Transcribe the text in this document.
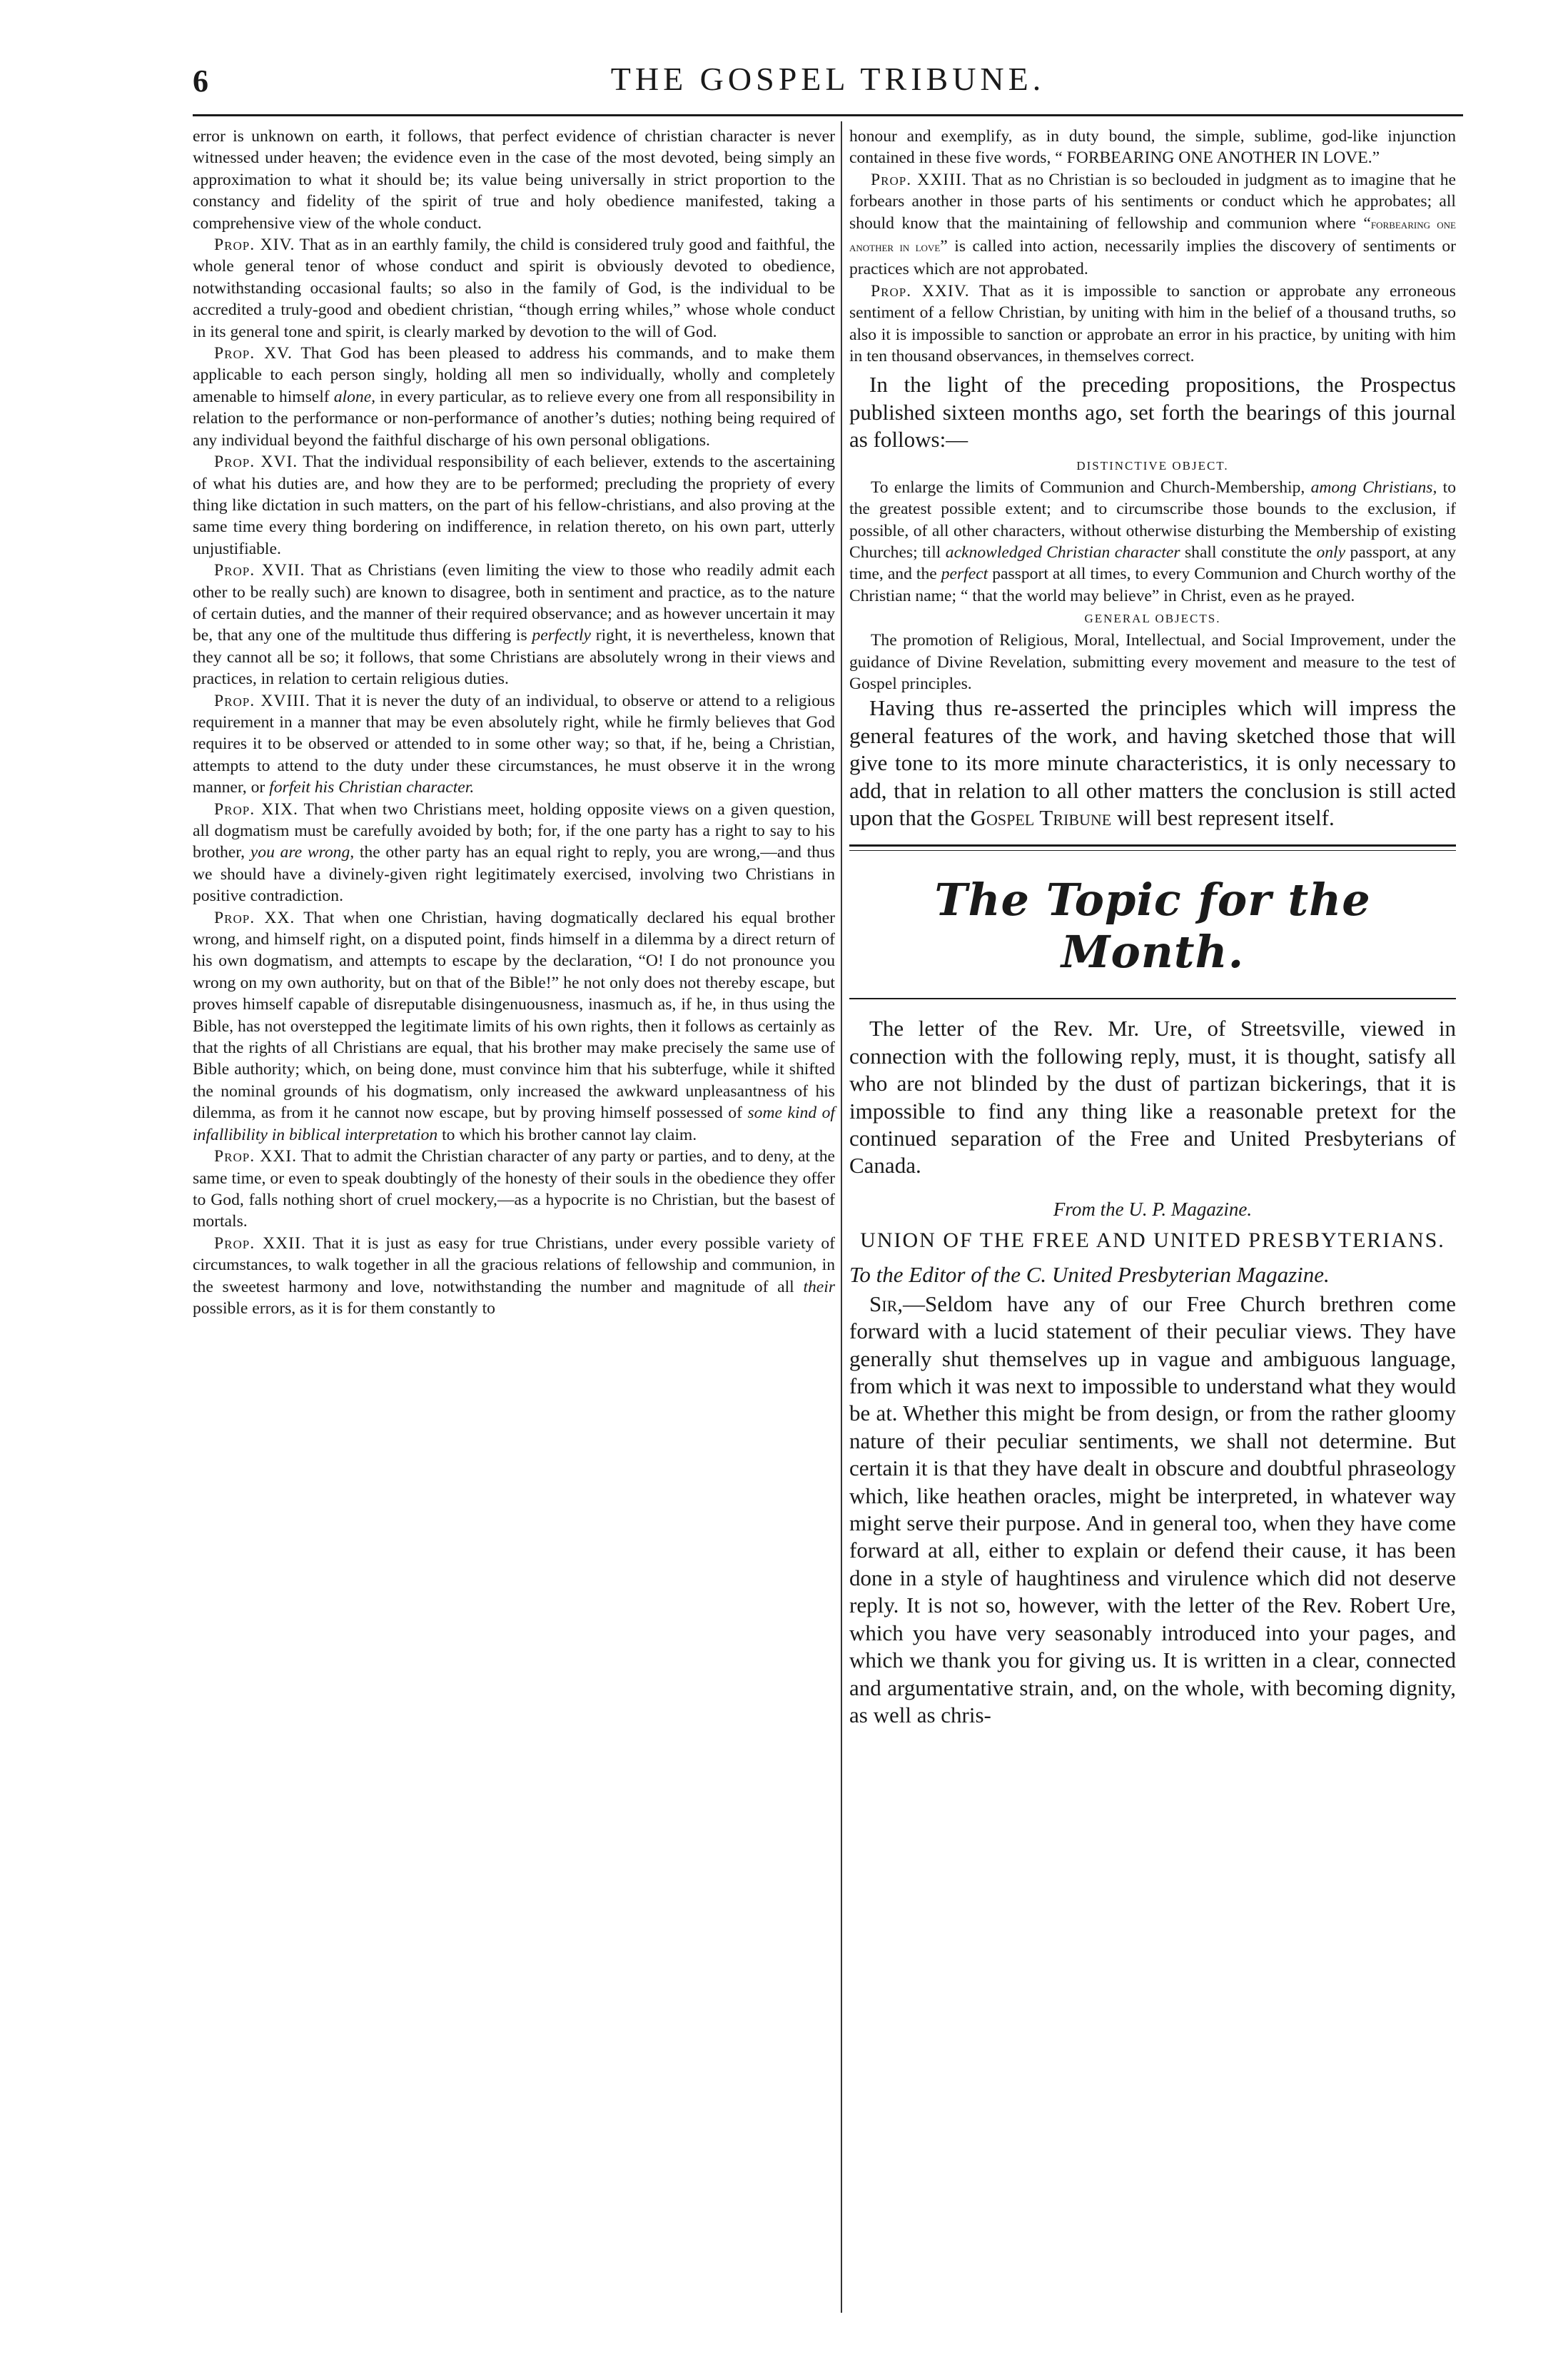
6	THE GOSPEL TRIBUNE.

error is unknown on earth, it follows, that perfect evidence of christian character is never witnessed under heaven; the evidence even in the case of the most devoted, being simply an approximation to what it should be; its value being universally in strict proportion to the constancy and fidelity of the spirit of true and holy obedience manifested, taking a comprehensive view of the whole conduct.

Prop. XIV. That as in an earthly family, the child is considered truly good and faithful, the whole general tenor of whose conduct and spirit is obviously devoted to obedience, notwithstanding occasional faults; so also in the family of God, is the individual to be accredited a truly-good and obedient christian, “though erring whiles,” whose whole conduct in its general tone and spirit, is clearly marked by devotion to the will of God.

Prop. XV. That God has been pleased to address his commands, and to make them applicable to each person singly, holding all men so individually, wholly and completely amenable to himself alone, in every particular, as to relieve every one from all responsibility in relation to the performance or non-performance of another’s duties; nothing being required of any individual beyond the faithful discharge of his own personal obligations.

Prop. XVI. That the individual responsibility of each believer, extends to the ascertaining of what his duties are, and how they are to be performed; precluding the propriety of every thing like dictation in such matters, on the part of his fellow-christians, and also proving at the same time every thing bordering on indifference, in relation thereto, on his own part, utterly unjustifiable.

Prop. XVII. That as Christians (even limiting the view to those who readily admit each other to be really such) are known to disagree, both in sentiment and practice, as to the nature of certain duties, and the manner of their required observance; and as however uncertain it may be, that any one of the multitude thus differing is perfectly right, it is nevertheless, known that they cannot all be so; it follows, that some Christians are absolutely wrong in their views and practices, in relation to certain religious duties.

Prop. XVIII. That it is never the duty of an individual, to observe or attend to a religious requirement in a manner that may be even absolutely right, while he firmly believes that God requires it to be observed or attended to in some other way; so that, if he, being a Christian, attempts to attend to the duty under these circumstances, he must observe it in the wrong manner, or forfeit his Christian character.

Prop. XIX. That when two Christians meet, holding opposite views on a given question, all dogmatism must be carefully avoided by both; for, if the one party has a right to say to his brother, you are wrong, the other party has an equal right to reply, you are wrong,—and thus we should have a divinely-given right legitimately exercised, involving two Christians in positive contradiction.

Prop. XX. That when one Christian, having dogmatically declared his equal brother wrong, and himself right, on a disputed point, finds himself in a dilemma by a direct return of his own dogmatism, and attempts to escape by the declaration, “O! I do not pronounce you wrong on my own authority, but on that of the Bible!” he not only does not thereby escape, but proves himself capable of disreputable disingenuousness, inasmuch as, if he, in thus using the Bible, has not overstepped the legitimate limits of his own rights, then it follows as certainly as that the rights of all Christians are equal, that his brother may make precisely the same use of Bible authority; which, on being done, must convince him that his subterfuge, while it shifted the nominal grounds of his dogmatism, only increased the awkward unpleasantness of his dilemma, as from it he cannot now escape, but by proving himself possessed of some kind of infallibility in biblical interpretation to which his brother cannot lay claim.

Prop. XXI. That to admit the Christian character of any party or parties, and to deny, at the same time, or even to speak doubtingly of the honesty of their souls in the obedience they offer to God, falls nothing short of cruel mockery,—as a hypocrite is no Christian, but the basest of mortals.

Prop. XXII. That it is just as easy for true Christians, under every possible variety of circumstances, to walk together in all the gracious relations of fellowship and communion, in the sweetest harmony and love, notwithstanding the number and magnitude of all their possible errors, as it is for them constantly to

honour and exemplify, as in duty bound, the simple, sublime, god-like injunction contained in these five words, “ FORBEARING ONE ANOTHER IN LOVE.”

Prop. XXIII. That as no Christian is so beclouded in judgment as to imagine that he forbears another in those parts of his sentiments or conduct which he approbates; all should know that the maintaining of fellowship and communion where “forbearing one another in love” is called into action, necessarily implies the discovery of sentiments or practices which are not approbated.

Prop. XXIV. That as it is impossible to sanction or approbate any erroneous sentiment of a fellow Christian, by uniting with him in the belief of a thousand truths, so also it is impossible to sanction or approbate an error in his practice, by uniting with him in ten thousand observances, in themselves correct.

In the light of the preceding propositions, the Prospectus published sixteen months ago, set forth the bearings of this journal as follows:—

DISTINCTIVE OBJECT.

To enlarge the limits of Communion and Church-Membership, among Christians, to the greatest possible extent; and to circumscribe those bounds to the exclusion, if possible, of all other characters, without otherwise disturbing the Membership of existing Churches; till acknowledged Christian character shall constitute the only passport, at any time, and the perfect passport at all times, to every Communion and Church worthy of the Christian name; “ that the world may believe” in Christ, even as he prayed.

GENERAL OBJECTS.

The promotion of Religious, Moral, Intellectual, and Social Improvement, under the guidance of Divine Revelation, submitting every movement and measure to the test of Gospel principles.

Having thus re-asserted the principles which will impress the general features of the work, and having sketched those that will give tone to its more minute characteristics, it is only necessary to add, that in relation to all other matters the conclusion is still acted upon that the Gospel Tribune will best represent itself.

The Topic for the Month.

The letter of the Rev. Mr. Ure, of Streetsville, viewed in connection with the following reply, must, it is thought, satisfy all who are not blinded by the dust of partizan bickerings, that it is impossible to find any thing like a reasonable pretext for the continued separation of the Free and United Presbyterians of Canada.

From the U. P. Magazine.
UNION OF THE FREE AND UNITED PRESBYTERIANS.
To the Editor of the C. United Presbyterian Magazine.

Sir,—Seldom have any of our Free Church brethren come forward with a lucid statement of their peculiar views. They have generally shut themselves up in vague and ambiguous language, from which it was next to impossible to understand what they would be at. Whether this might be from design, or from the rather gloomy nature of their peculiar sentiments, we shall not determine. But certain it is that they have dealt in obscure and doubtful phraseology which, like heathen oracles, might be interpreted, in whatever way might serve their purpose. And in general too, when they have come forward at all, either to explain or defend their cause, it has been done in a style of haughtiness and virulence which did not deserve reply. It is not so, however, with the letter of the Rev. Robert Ure, which you have very seasonably introduced into your pages, and which we thank you for giving us. It is written in a clear, connected and argumentative strain, and, on the whole, with becoming dignity, as well as chris-
